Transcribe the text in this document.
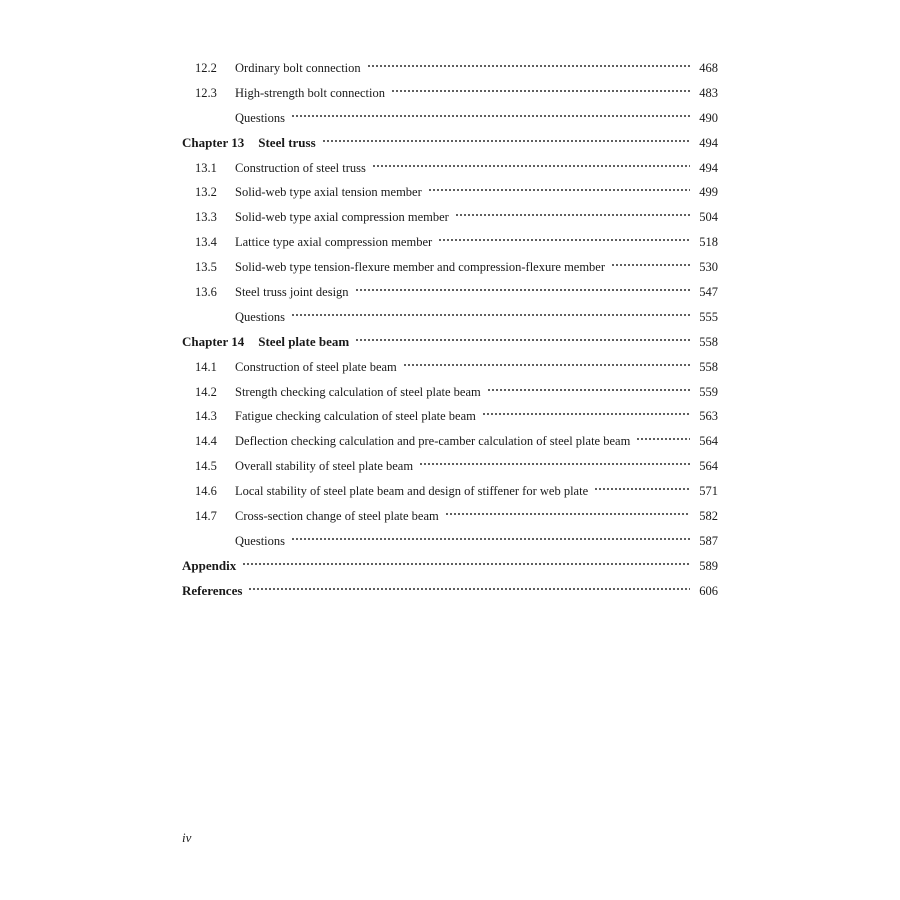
12.2	Ordinary bolt connection	468
12.3	High-strength bolt connection	483
Questions	490
Chapter 13 Steel truss	494
13.1	Construction of steel truss	494
13.2	Solid-web type axial tension member	499
13.3	Solid-web type axial compression member	504
13.4	Lattice type axial compression member	518
13.5	Solid-web type tension-flexure member and compression-flexure member	530
13.6	Steel truss joint design	547
Questions	555
Chapter 14 Steel plate beam	558
14.1	Construction of steel plate beam	558
14.2	Strength checking calculation of steel plate beam	559
14.3	Fatigue checking calculation of steel plate beam	563
14.4	Deflection checking calculation and pre-camber calculation of steel plate beam	564
14.5	Overall stability of steel plate beam	564
14.6	Local stability of steel plate beam and design of stiffener for web plate	571
14.7	Cross-section change of steel plate beam	582
Questions	587
Appendix	589
References	606
iv
